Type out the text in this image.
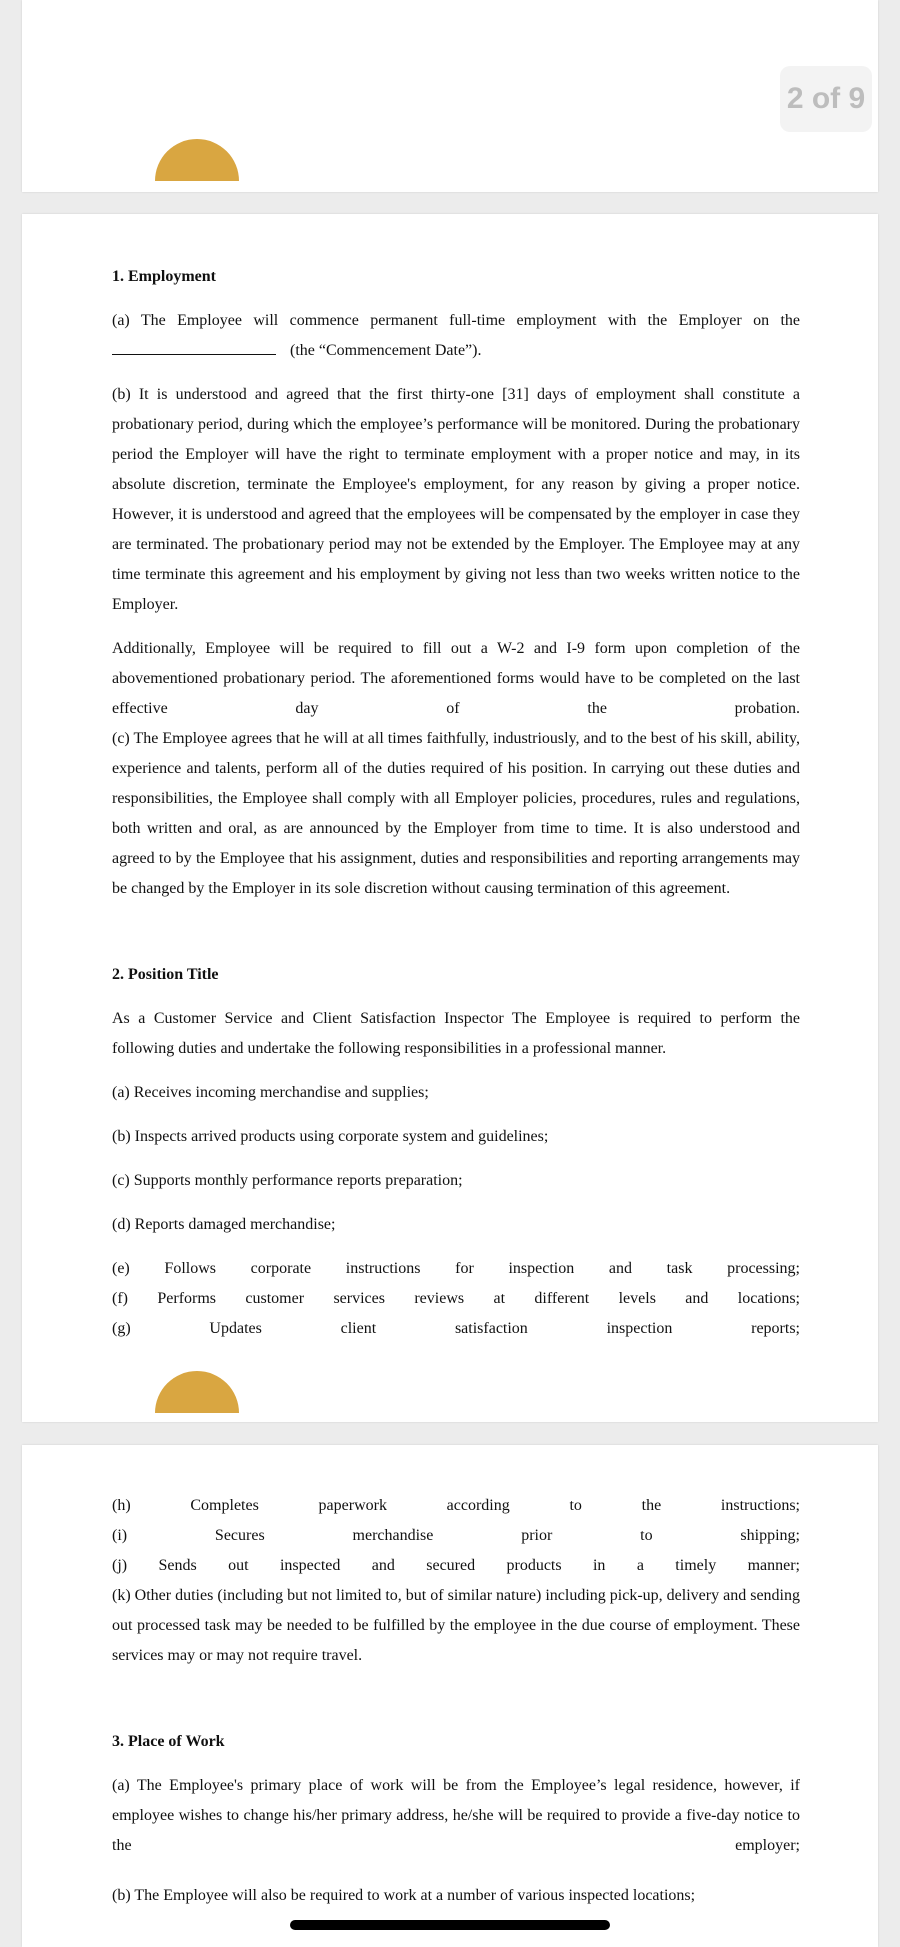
2 of 9

1. Employment

(a) The Employee will commence permanent full-time employment with the Employer on the

(the “Commencement Date”).

(b) It is understood and agreed that the first thirty-one [31] days of employment shall constitute a probationary period, during which the employee’s performance will be monitored. During the probationary period the Employer will have the right to terminate employment with a proper notice and may, in its absolute discretion, terminate the Employee's employment, for any reason by giving a proper notice. However, it is understood and agreed that the employees will be compensated by the employer in case they are terminated. The probationary period may not be extended by the Employer. The Employee may at any time terminate this agreement and his employment by giving not less than two weeks written notice to the Employer.

Additionally, Employee will be required to fill out a W-2 and I-9 form upon completion of the abovementioned probationary period. The aforementioned forms would have to be completed on the last effective day of the probation.

(c) The Employee agrees that he will at all times faithfully, industriously, and to the best of his skill, ability, experience and talents, perform all of the duties required of his position. In carrying out these duties and responsibilities, the Employee shall comply with all Employer policies, procedures, rules and regulations, both written and oral, as are announced by the Employer from time to time. It is also understood and agreed to by the Employee that his assignment, duties and responsibilities and reporting arrangements may be changed by the Employer in its sole discretion without causing termination of this agreement.

2. Position Title

As a Customer Service and Client Satisfaction Inspector The Employee is required to perform the following duties and undertake the following responsibilities in a professional manner.

(a) Receives incoming merchandise and supplies;

(b) Inspects arrived products using corporate system and guidelines;

(c) Supports monthly performance reports preparation;

(d) Reports damaged merchandise;

(e) Follows corporate instructions for inspection and task processing;

(f) Performs customer services reviews at different levels and locations;

(g) Updates client satisfaction inspection reports;

(h) Completes paperwork according to the instructions;

(i) Secures merchandise prior to shipping;

(j) Sends out inspected and secured products in a timely manner;

(k) Other duties (including but not limited to, but of similar nature) including pick-up, delivery and sending out processed task may be needed to be fulfilled by the employee in the due course of employment. These services may or may not require travel.

3. Place of Work

(a) The Employee's primary place of work will be from the Employee’s legal residence, however, if employee wishes to change his/her primary address, he/she will be required to provide a five-day notice to the employer;

(b) The Employee will also be required to work at a number of various inspected locations;
